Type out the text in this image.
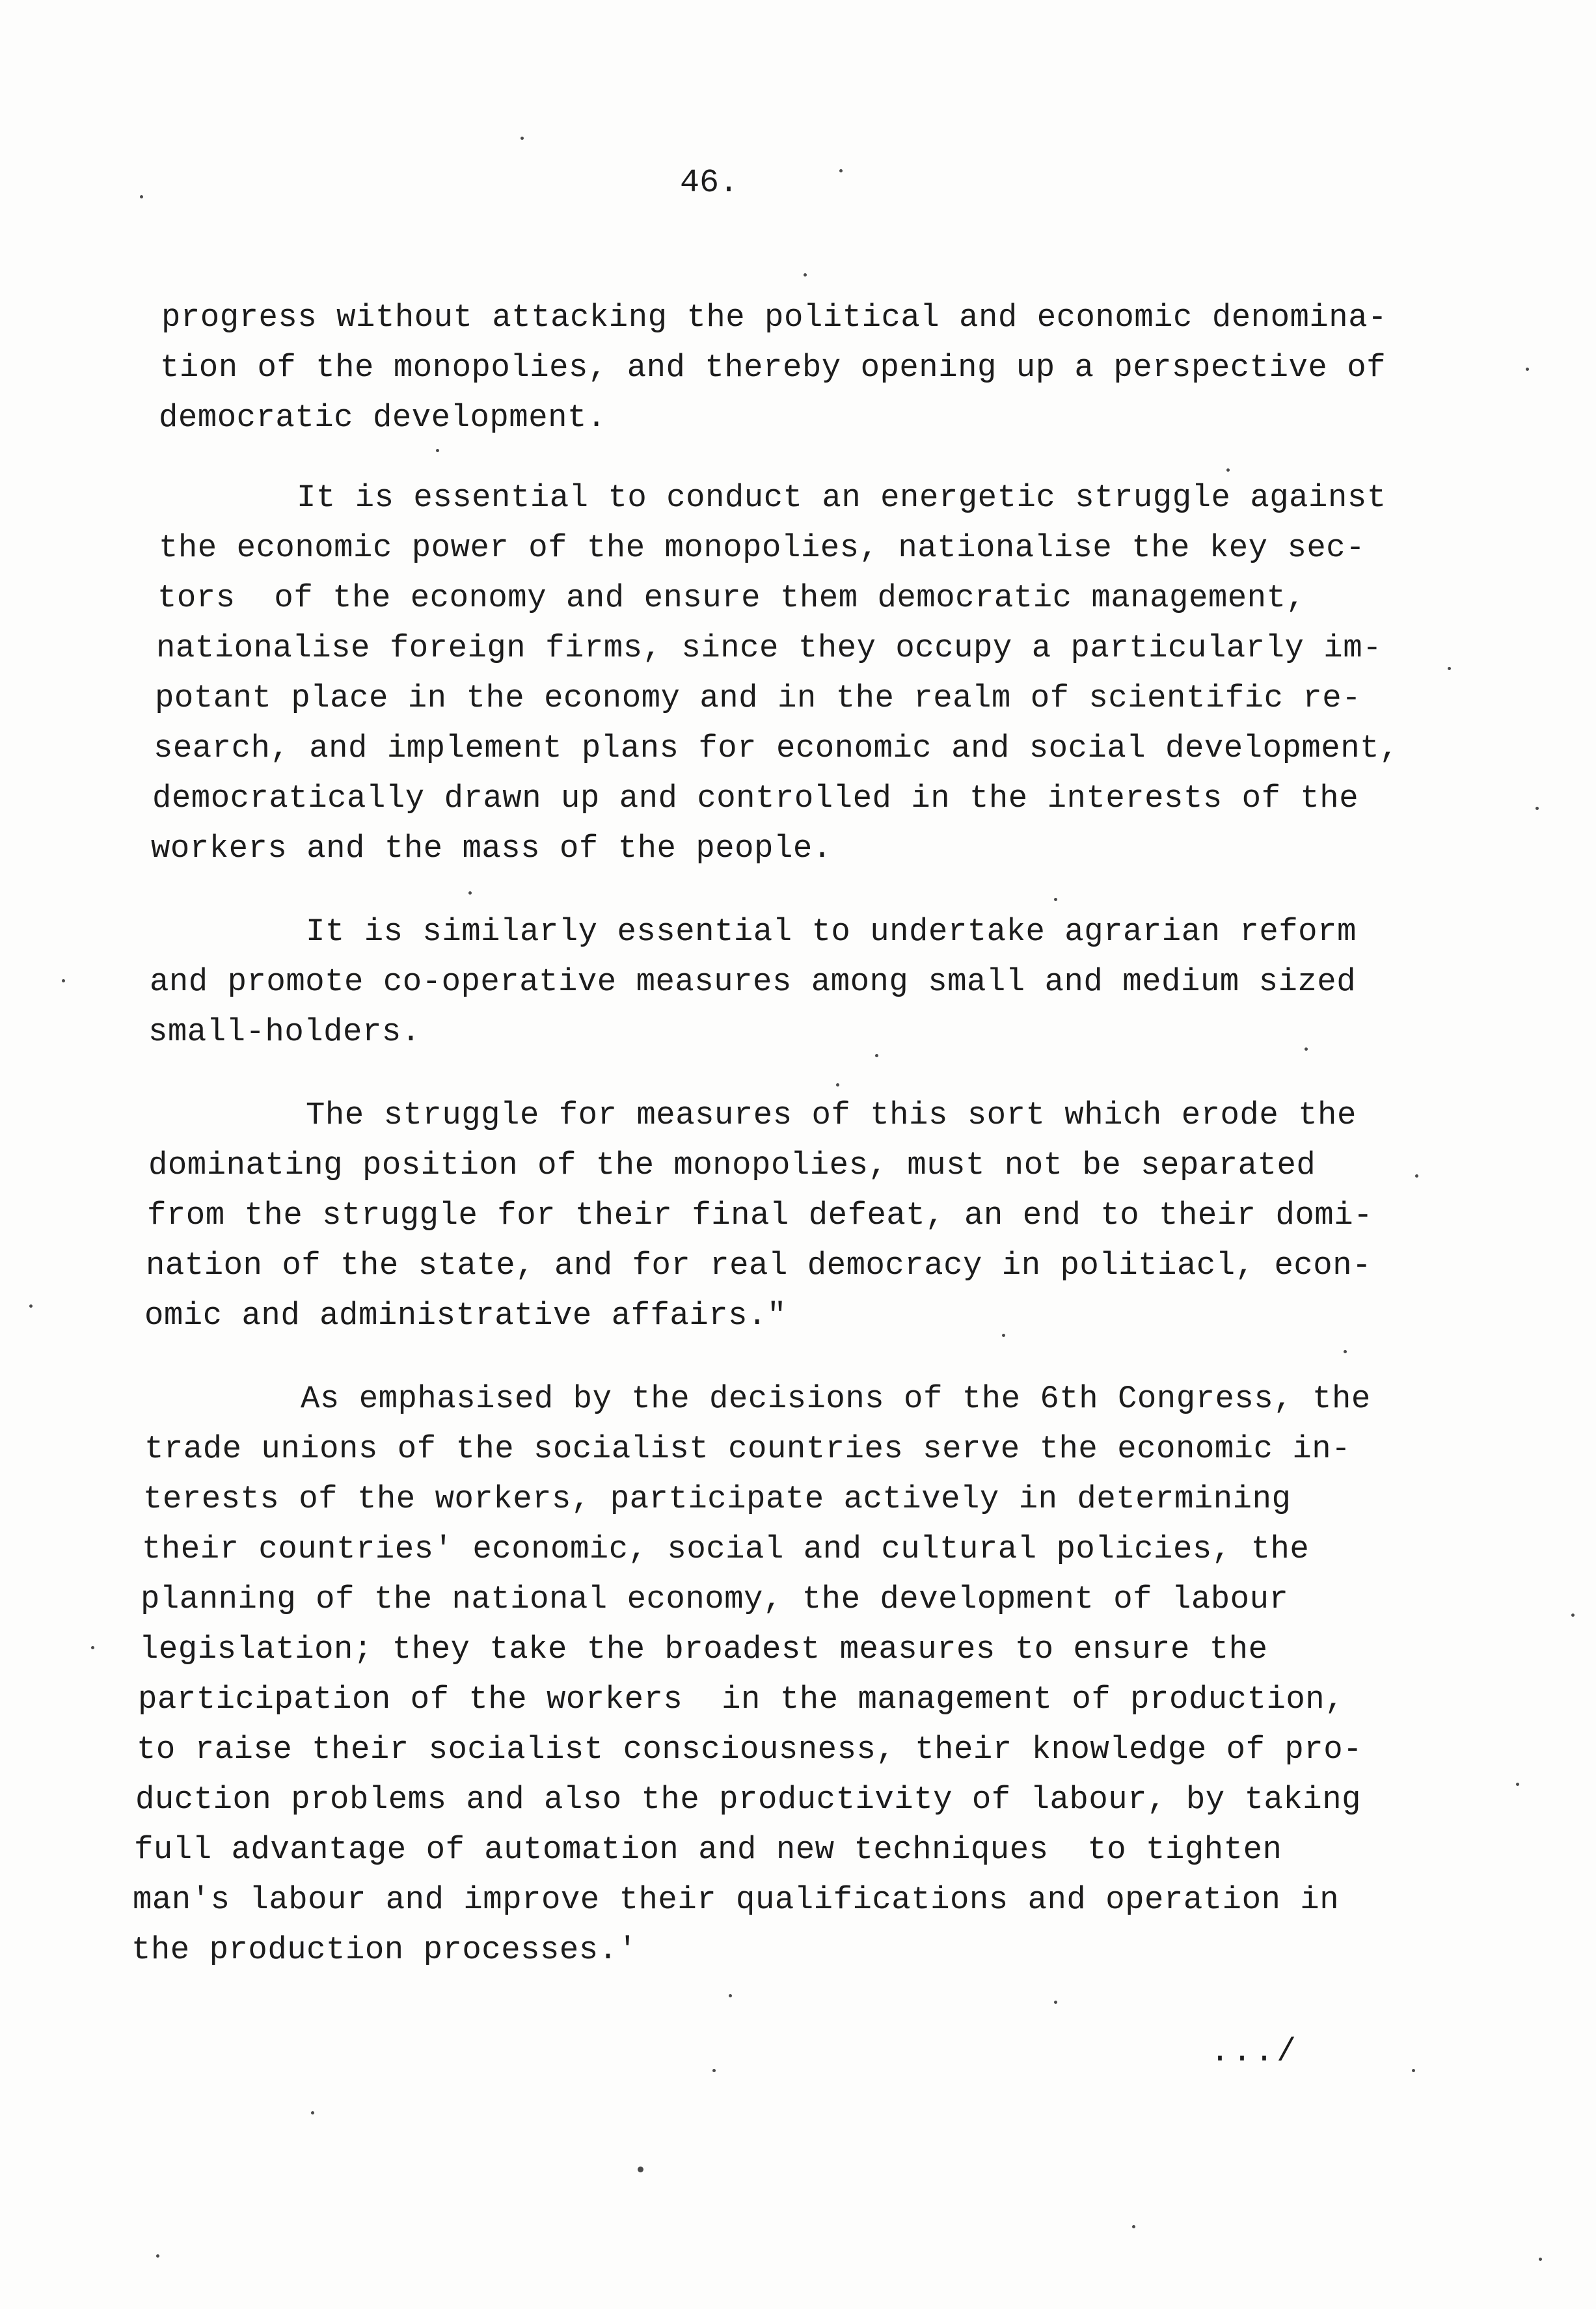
46.
progress without attacking the political and economic denomina-
tion of the monopolies, and thereby opening up a perspective of
democratic development.
It is essential to conduct an energetic struggle against
the economic power of the monopolies, nationalise the key sec-
tors  of the economy and ensure them democratic management,
nationalise foreign firms, since they occupy a particularly im-
potant place in the economy and in the realm of scientific re-
search, and implement plans for economic and social development,
democratically drawn up and controlled in the interests of the
workers and the mass of the people.
It is similarly essential to undertake agrarian reform
and promote co-operative measures among small and medium sized
small-holders.
The struggle for measures of this sort which erode the
dominating position of the monopolies, must not be separated
from the struggle for their final defeat, an end to their domi-
nation of the state, and for real democracy in politiacl, econ-
omic and administrative affairs."
As emphasised by the decisions of the 6th Congress, the
trade unions of the socialist countries serve the economic in-
terests of the workers, participate actively in determining
their countries' economic, social and cultural policies, the
planning of the national economy, the development of labour
legislation; they take the broadest measures to ensure the
participation of the workers  in the management of production,
to raise their socialist consciousness, their knowledge of pro-
duction problems and also the productivity of labour, by taking
full advantage of automation and new techniques  to tighten
man's labour and improve their qualifications and operation in
the production processes.'
.../
